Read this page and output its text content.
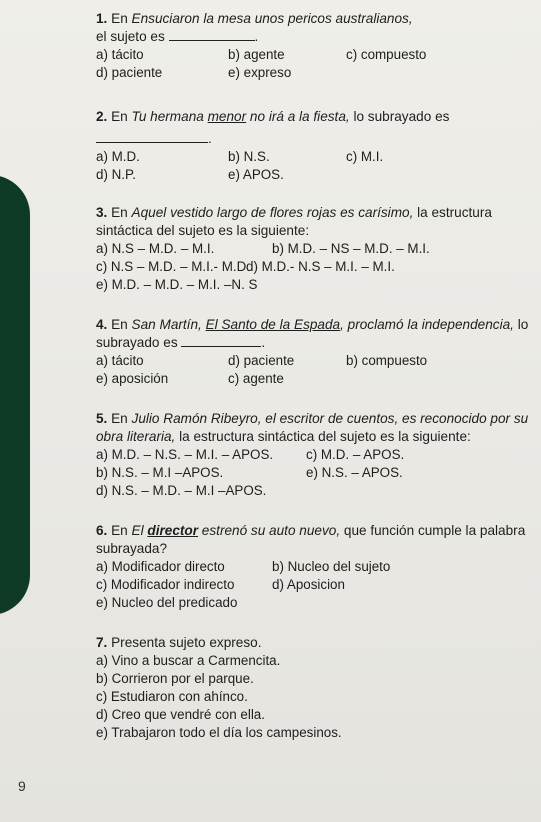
1. En Ensuciaron la mesa unos pericos australianos,
el sujeto es	.
a) tácito	b) agente	c) compuesto
d) paciente	e) expreso
2. En Tu hermana menor no irá a la fiesta, lo subrayado es
.
a) M.D.	b) N.S.	c) M.I.
d) N.P.	e) APOS.
3. En Aquel vestido largo de flores rojas es carísimo, la estructura sintáctica del sujeto es la siguiente:
a) N.S – M.D. – M.I.	b) M.D. – NS – M.D. – M.I.
c) N.S – M.D. – M.I.- M.D d) M.D.- N.S – M.I. – M.I.
e) M.D. – M.D. – M.I. –N. S
4. En San Martín, El Santo de la Espada, proclamó la independencia, lo subrayado es	.
a) tácito	d) paciente	b) compuesto
e) aposición	c) agente
5. En Julio Ramón Ribeyro, el escritor de cuentos, es reconocido por su obra literaria, la estructura sintáctica del sujeto es la siguiente:
a) M.D. – N.S. – M.I. – APOS.	c) M.D. – APOS.
b) N.S. – M.I –APOS.	e) N.S. – APOS.
d) N.S. – M.D. – M.I –APOS.
6. En El director estrenó su auto nuevo, que función cumple la palabra subrayada?
a) Modificador directo	b) Nucleo del sujeto
c) Modificador indirecto	d) Aposicion
e) Nucleo del predicado
7. Presenta sujeto expreso.
a) Vino a buscar a Carmencita.
b) Corrieron por el parque.
c) Estudiaron con ahínco.
d) Creo que vendré con ella.
e) Trabajaron todo el día los campesinos.
9
